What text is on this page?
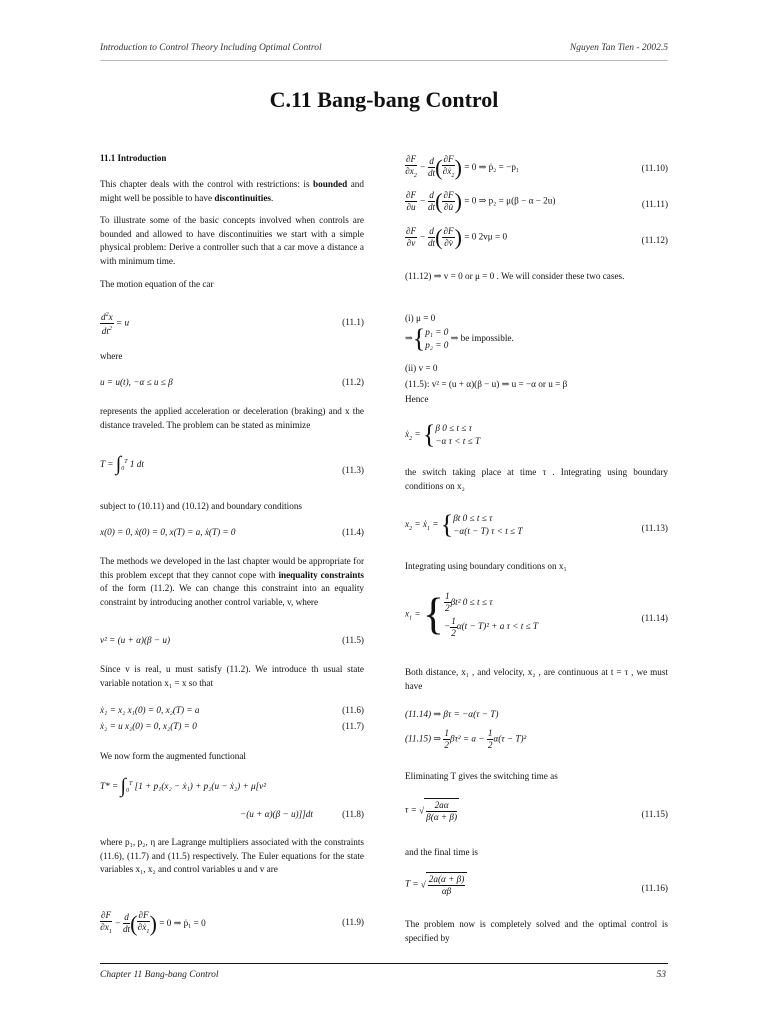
Introduction to Control Theory Including Optimal Control	Nguyen Tan Tien - 2002.5
C.11 Bang-bang Control
11.1 Introduction

This chapter deals with the control with restrictions: is bounded and might well be possible to have discontinuities.

To illustrate some of the basic concepts involved when controls are bounded and allowed to have discontinuities we start with a simple physical problem: Derive a controller such that a car move a distance a with minimum time.

The motion equation of the car

$\frac{d^2x}{dt^2} = u$	(11.1)
where
u = u(t), −α ≤ u ≤ β	(11.2)

represents the applied acceleration or deceleration (braking) and x the distance traveled. The problem can be stated as minimize

$T = \int_0^T$ 1 dt
(11.3)

subject to (10.11) and (10.12) and boundary conditions

x(0) = 0, ẋ(0) = 0, x(T) = a, ẋ(T) = 0	(11.4)

The methods we developed in the last chapter would be appropriate for this problem except that they cannot cope with inequality constraints of the form (11.2). We can change this constraint into an equality constraint by introducing another control variable, v, where

v² = (u + α)(β − u)	(11.5)

Since v is real, u must satisfy (11.2). We introduce th usual state variable notation x₁ = x so that

ẋ₁ = x₂ x₁(0) = 0, x₂(T) = a	(11.6)
ẋ₂ = u x₂(0) = 0, x₂(T) = 0	(11.7)

We now form the augmented functional

$T* = \int_0^T$ [1 + p₁(x₂ − ẋ₁) + p₂(u − ẋ₂) + μ[v²
−(u + α)(β − u)]]dt	(11.8)

where p₁, p₂, η are Lagrange multipliers associated with the constraints (11.6), (11.7) and (11.5) respectively. The Euler equations for the state variables x₁, x₂ and control variables u and v are

$\frac{\partial F}{\partial x_1} - \frac{d}{dt}$ ( $\frac{\partial F}{\partial ẋ_1}$ ) = 0 ⇒ ṗ₁ = 0	(11.9)
$\frac{\partial F}{\partial x_2} - \frac{d}{dt}$ ( $\frac{\partial F}{\partial ẋ_2}$ ) = 0 ⇒ ṗ₂ = −p₁	(11.10)
$\frac{\partial F}{\partial u} - \frac{d}{dt}$ ( $\frac{\partial F}{\partial u̇}$ ) = 0 ⇒ p₂ = μ(β − α − 2u)	(11.11)
$\frac{\partial F}{\partial v} - \frac{d}{dt}$ ( $\frac{\partial F}{\partial v̇}$ ) = 0 2vμ = 0	(11.12)

(11.12) ⇒ v = 0 or μ = 0 . We will consider these two cases.

(i) μ = 0
⇒{ p₁ = 0
p₂ = 0
⇒ be impossible.
(ii) v = 0
(11.5): v² = (u + α)(β − u) ⇒ u = −α or u = β
Hence
ẋ$_2$ = { β 0 ≤ t ≤ τ
−α τ < t ≤ T

the switch taking place at time τ . Integrating using boundary conditions on x₂

$x_2$ = ẋ$_1$ = { βt 0 ≤ t ≤ τ
−α(t − T) τ < t ≤ T	(11.13)

Integrating using boundary conditions on x₁

$x_1$ = { $\frac{1}{2} \beta t^2$ 0 ≤ t ≤ τ
− $\frac{1}{2} \alpha(t - T)^2 + a$ τ < t ≤ T
(11.14)

Both distance, x₁ , and velocity, x₂ , are continuous at t = τ , we must have

(11.14) ⇒ βτ = −α(τ − T)
(11.15) ⇒ $\frac{1}{2} \beta\tau^2 = a - \frac{1}{2} \alpha(\tau - T)^2$

Eliminating T gives the switching time as

τ = √ $\frac{2a\alpha}{\beta(\alpha + \beta)}$	(11.15)

and the final time is

T = √ $\frac{2a(\alpha + \beta)}{\alpha\beta}$	(11.16)

The problem now is completely solved and the optimal control is specified by

Chapter 11 Bang-bang Control	53
